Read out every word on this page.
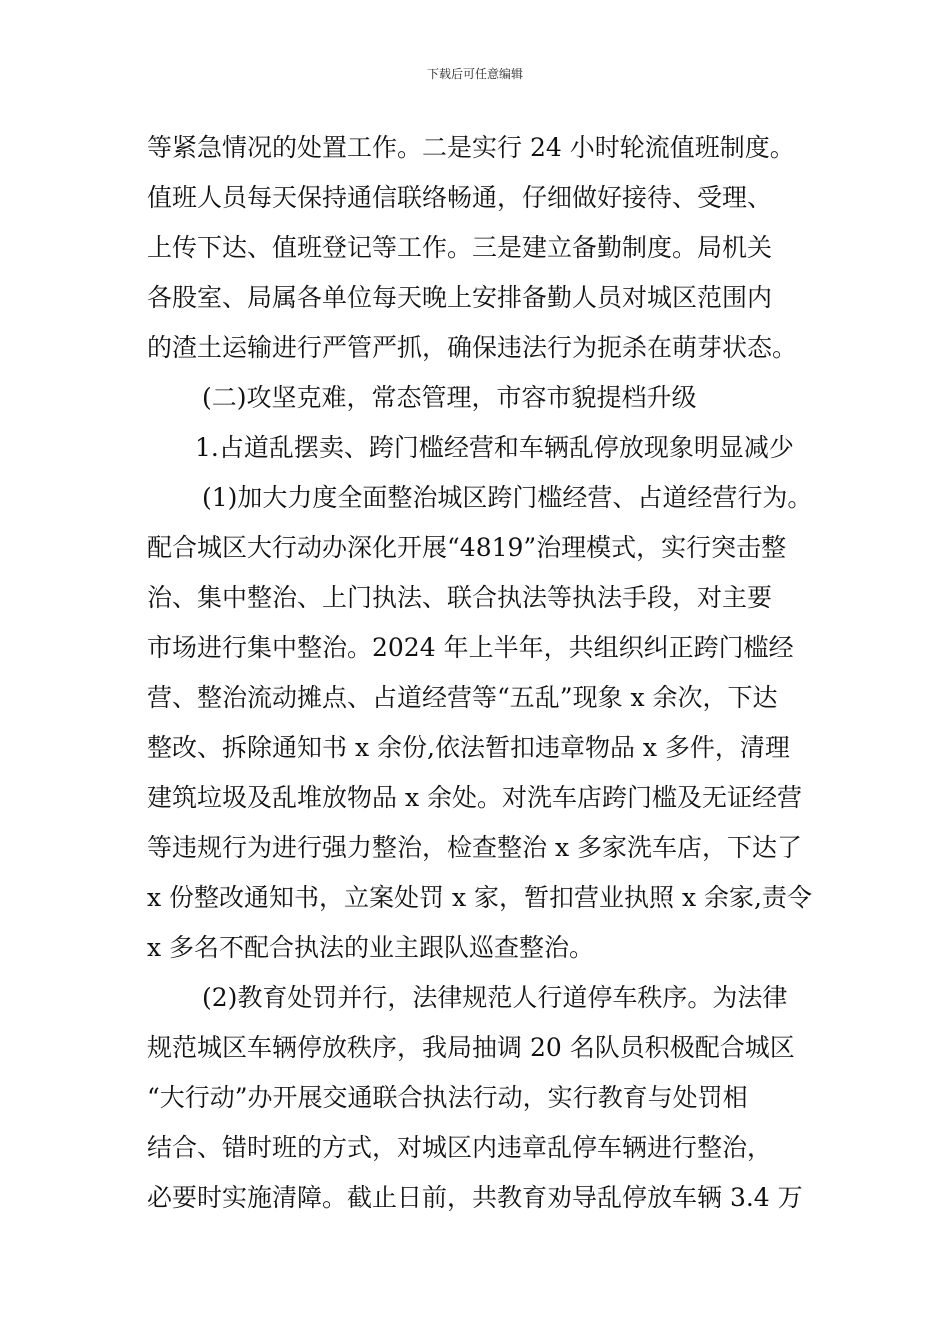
下载后可任意编辑
等紧急情况的处置工作。二是实行 24 小时轮流值班制度。
值班人员每天保持通信联络畅通，仔细做好接待、受理、
上传下达、值班登记等工作。三是建立备勤制度。局机关
各股室、局属各单位每天晚上安排备勤人员对城区范围内
的渣土运输进行严管严抓，确保违法行为扼杀在萌芽状态。
(二)攻坚克难，常态管理，市容市貌提档升级
1.占道乱摆卖、跨门槛经营和车辆乱停放现象明显减少
(1)加大力度全面整治城区跨门槛经营、占道经营行为。
配合城区大行动办深化开展“4819”治理模式，实行突击整
治、集中整治、上门执法、联合执法等执法手段，对主要
市场进行集中整治。2024 年上半年，共组织纠正跨门槛经
营、整治流动摊点、占道经营等“五乱”现象 x 余次，下达
整改、拆除通知书 x 余份,依法暂扣违章物品 x 多件，清理
建筑垃圾及乱堆放物品 x 余处。对洗车店跨门槛及无证经营
等违规行为进行强力整治，检查整治 x 多家洗车店，下达了
x 份整改通知书，立案处罚 x 家，暂扣营业执照 x 余家,责令
x 多名不配合执法的业主跟队巡查整治。
(2)教育处罚并行，法律规范人行道停车秩序。为法律
规范城区车辆停放秩序，我局抽调 20 名队员积极配合城区
“大行动”办开展交通联合执法行动，实行教育与处罚相
结合、错时班的方式，对城区内违章乱停车辆进行整治，
必要时实施清障。截止日前，共教育劝导乱停放车辆 3.4 万
